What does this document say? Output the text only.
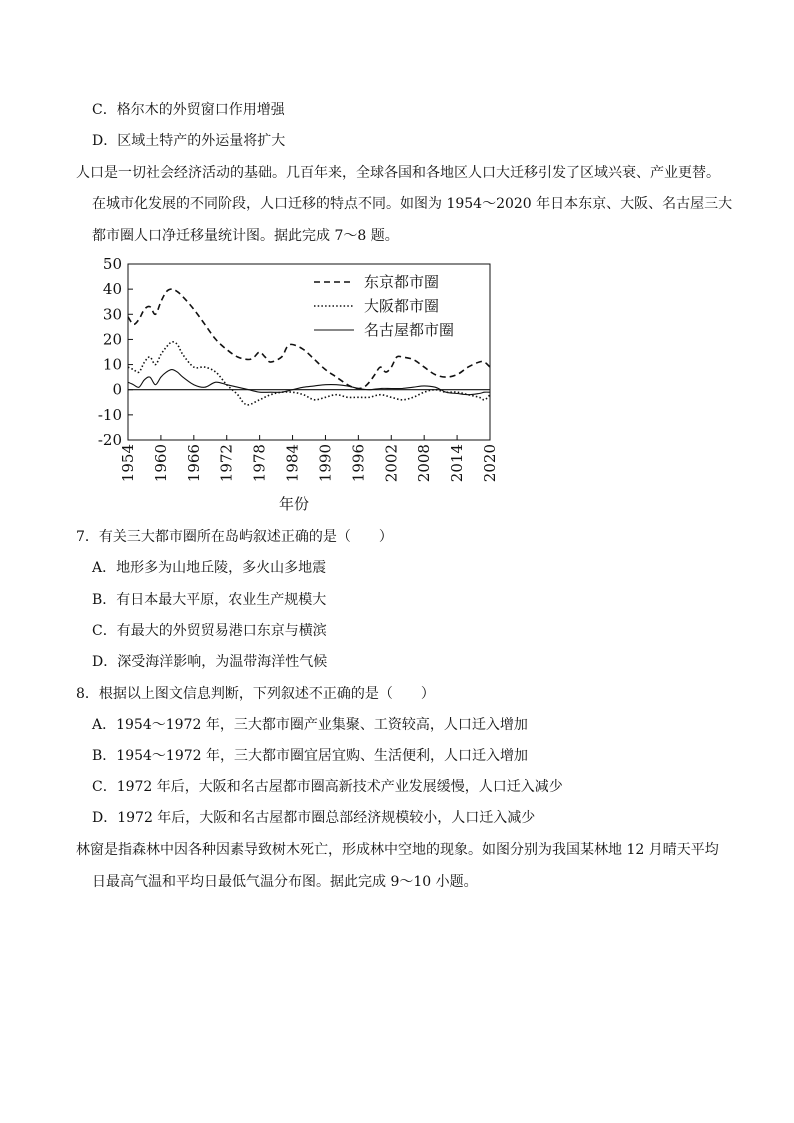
C．格尔木的外贸窗口作用增强
D．区域土特产的外运量将扩大
人口是一切社会经济活动的基础。几百年来，全球各国和各地区人口大迁移引发了区域兴衰、产业更替。
在城市化发展的不同阶段，人口迁移的特点不同。如图为 1954～2020 年日本东京、大阪、名古屋三大
都市圈人口净迁移量统计图。据此完成 7～8 题。
50
40
30
20
10
0
-10
-20
1954 1960 1966 1972 1978 1984 1990 1996 2002 2008 2014 2020
东京都市圈
大阪都市圈
名古屋都市圈
年份
7．有关三大都市圈所在岛屿叙述正确的是（　　）
A．地形多为山地丘陵，多火山多地震
B．有日本最大平原，农业生产规模大
C．有最大的外贸贸易港口东京与横滨
D．深受海洋影响，为温带海洋性气候
8．根据以上图文信息判断，下列叙述不正确的是（　　）
A．1954～1972 年，三大都市圈产业集聚、工资较高，人口迁入增加
B．1954～1972 年，三大都市圈宜居宜购、生活便利，人口迁入增加
C．1972 年后，大阪和名古屋都市圈高新技术产业发展缓慢，人口迁入减少
D．1972 年后，大阪和名古屋都市圈总部经济规模较小，人口迁入减少
林窗是指森林中因各种因素导致树木死亡，形成林中空地的现象。如图分别为我国某林地 12 月晴天平均
日最高气温和平均日最低气温分布图。据此完成 9～10 小题。
